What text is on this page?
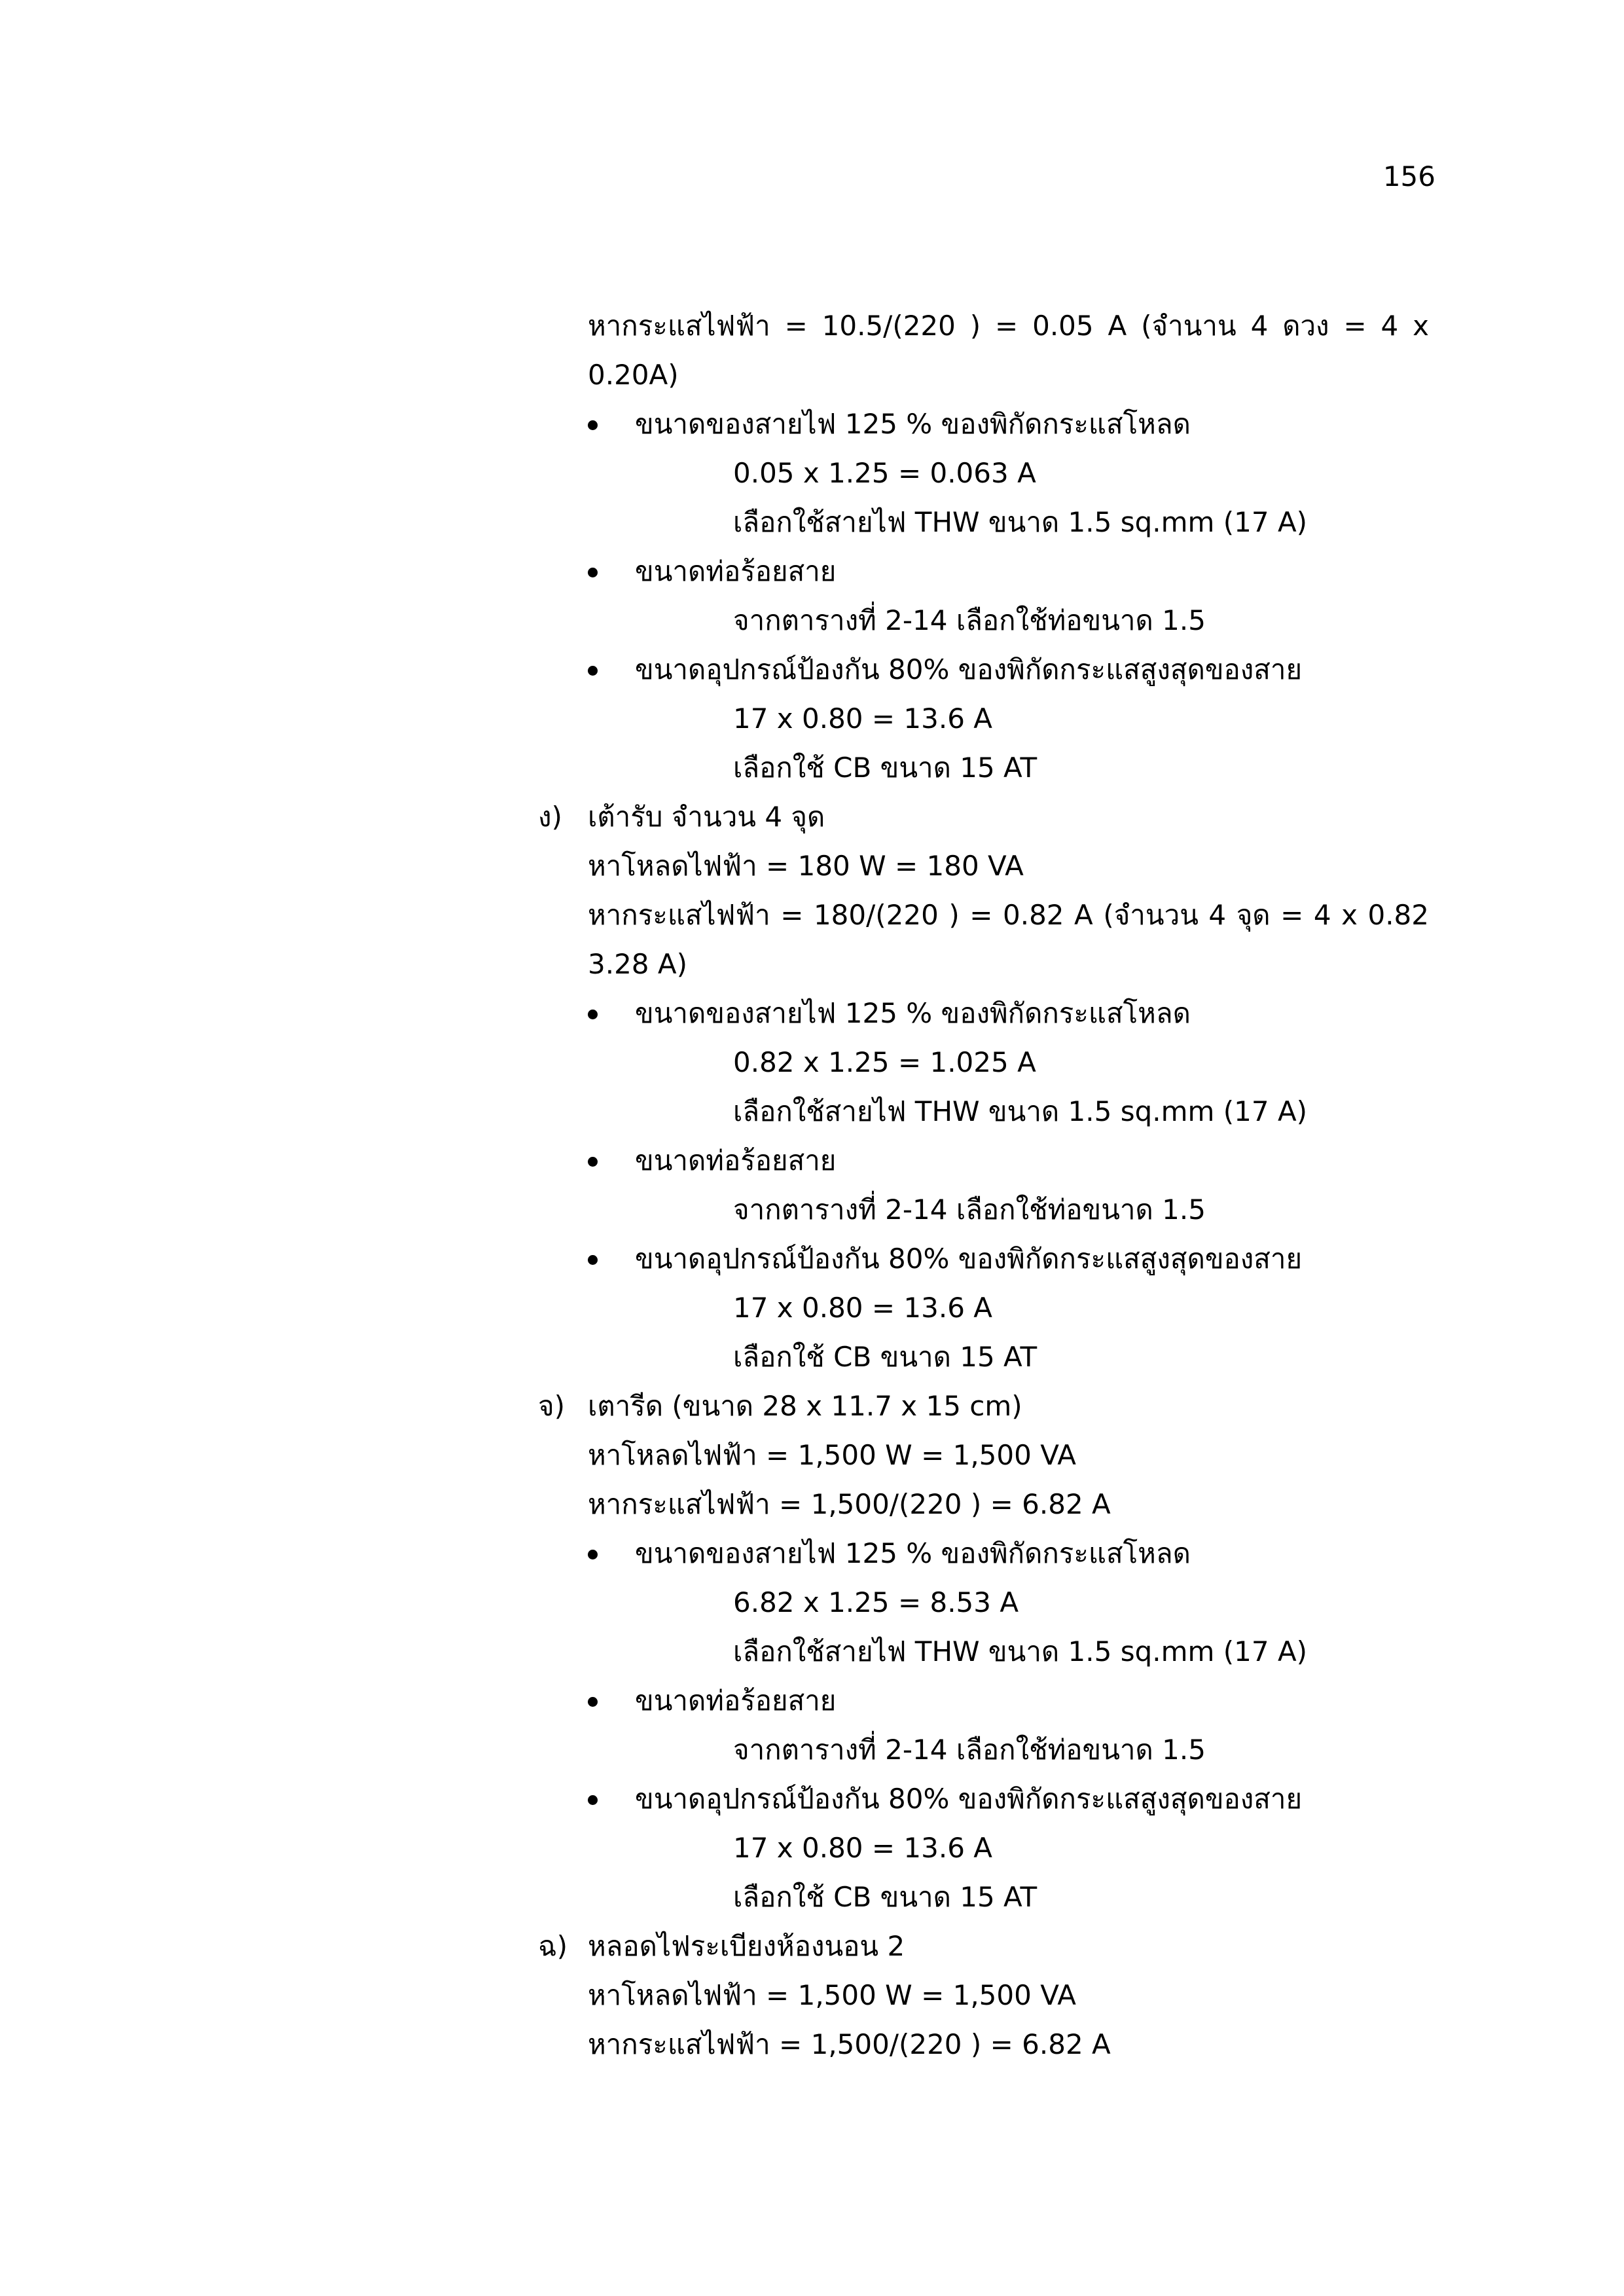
156

หากระแสไฟฟ้า = 10.5/(220 ) = 0.05 A (จำนาน 4 ดวง = 4 x
0.20A)
ขนาดของสายไฟ 125 % ของพิกัดกระแสโหลด
0.05 x 1.25 = 0.063 A
เลือกใช้สายไฟ THW ขนาด 1.5 sq.mm (17 A)
ขนาดท่อร้อยสาย
จากตารางที่ 2-14 เลือกใช้ท่อขนาด 1.5
ขนาดอุปกรณ์ป้องกัน 80% ของพิกัดกระแสสูงสุดของสาย
17 x 0.80 = 13.6 A
เลือกใช้ CB ขนาด 15 AT
ง) เต้ารับ จำนวน 4 จุด
หาโหลดไฟฟ้า = 180 W = 180 VA
หากระแสไฟฟ้า = 180/(220 ) = 0.82 A (จำนวน 4 จุด = 4 x 0.82
3.28 A)
ขนาดของสายไฟ 125 % ของพิกัดกระแสโหลด
0.82 x 1.25 = 1.025 A
เลือกใช้สายไฟ THW ขนาด 1.5 sq.mm (17 A)
ขนาดท่อร้อยสาย
จากตารางที่ 2-14 เลือกใช้ท่อขนาด 1.5
ขนาดอุปกรณ์ป้องกัน 80% ของพิกัดกระแสสูงสุดของสาย
17 x 0.80 = 13.6 A
เลือกใช้ CB ขนาด 15 AT
จ) เตารีด (ขนาด 28 x 11.7 x 15 cm)
หาโหลดไฟฟ้า = 1,500 W = 1,500 VA
หากระแสไฟฟ้า = 1,500/(220 ) = 6.82 A
ขนาดของสายไฟ 125 % ของพิกัดกระแสโหลด
6.82 x 1.25 = 8.53 A
เลือกใช้สายไฟ THW ขนาด 1.5 sq.mm (17 A)
ขนาดท่อร้อยสาย
จากตารางที่ 2-14 เลือกใช้ท่อขนาด 1.5
ขนาดอุปกรณ์ป้องกัน 80% ของพิกัดกระแสสูงสุดของสาย
17 x 0.80 = 13.6 A
เลือกใช้ CB ขนาด 15 AT
ฉ) หลอดไฟระเบียงห้องนอน 2
หาโหลดไฟฟ้า = 1,500 W = 1,500 VA
หากระแสไฟฟ้า = 1,500/(220 ) = 6.82 A
